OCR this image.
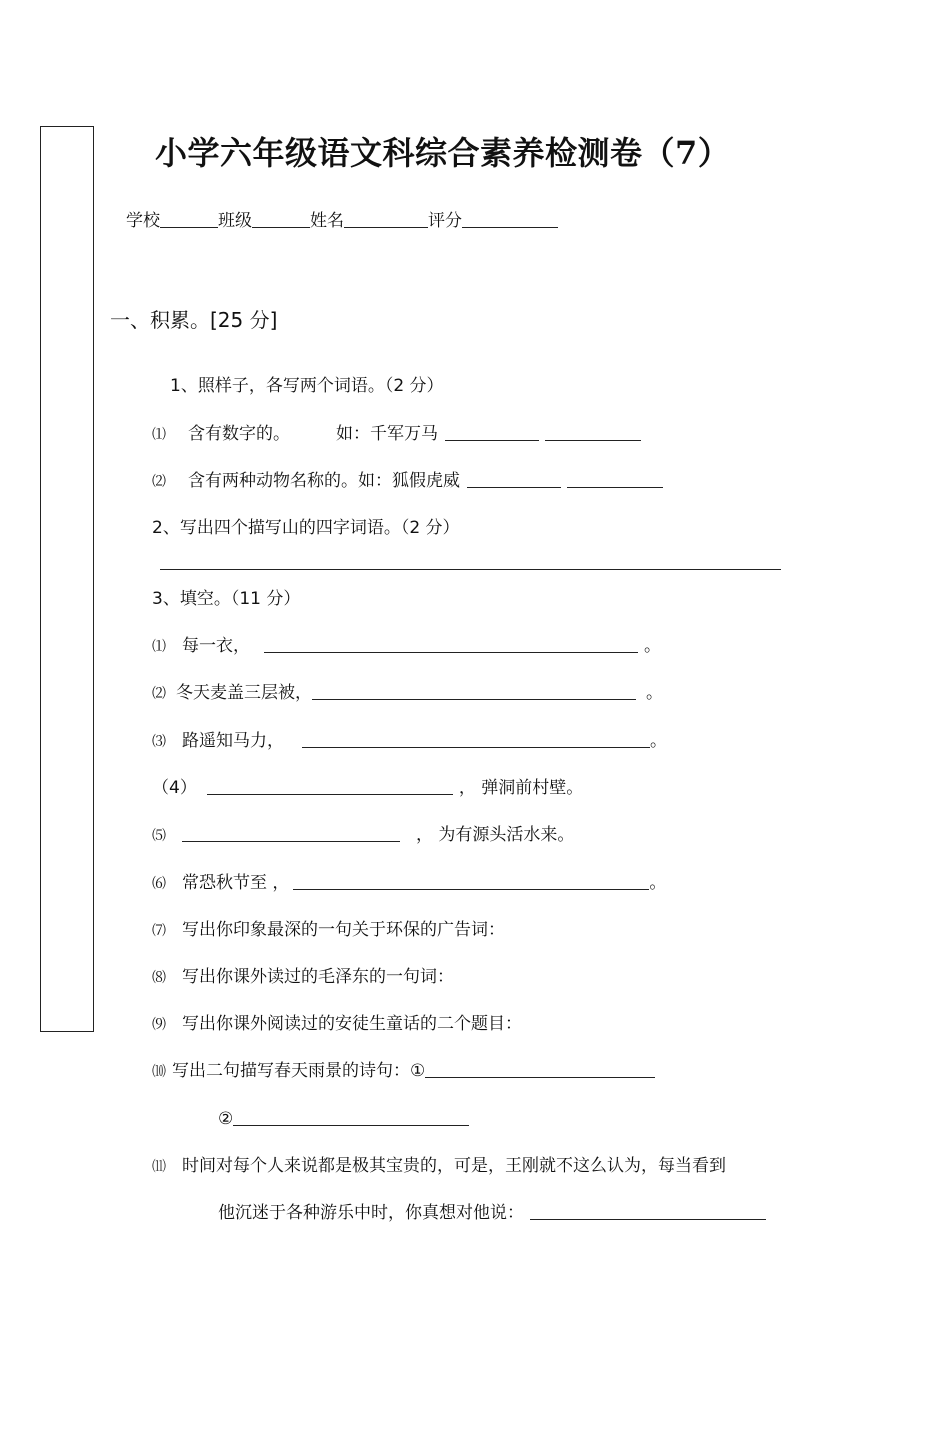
小学六年级语文科综合素养检测卷（7）
学校	班级	姓名	评分
一、积累。[25 分]
1、照样子，各写两个词语。（2 分）
⑴ 含有数字的。	如：千军万马
⑵ 含有两种动物名称的。如：狐假虎威
2、写出四个描写山的四字词语。（2 分）
3、填空。（11 分）
⑴ 每一衣，	。
⑵ 冬天麦盖三层被，	。
⑶ 路遥知马力，	。
（4）	， 弹洞前村壁。
⑸	， 为有源头活水来。
⑹ 常恐秋节至 ，	。
⑺ 写出你印象最深的一句关于环保的广告词：
⑻ 写出你课外读过的毛泽东的一句词：
⑼ 写出你课外阅读过的安徒生童话的二个题目：
⑽ 写出二句描写春天雨景的诗句：①
②
⑾ 时间对每个人来说都是极其宝贵的，可是，王刚就不这么认为，每当看到
他沉迷于各种游乐中时，你真想对他说：
